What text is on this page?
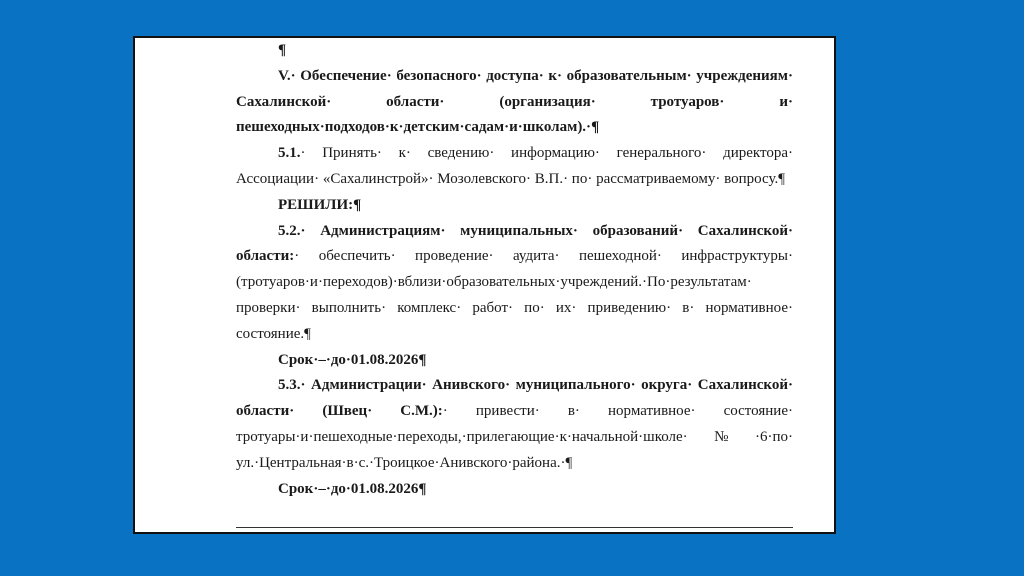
¶

V.· Обеспечение· безопасного· доступа· к· образовательным· учреждениям· Сахалинской· области· (организация· тротуаров· и· пешеходных·подходов·к·детским·садам·и·школам).·¶

5.1.· Принять· к· сведению· информацию· генерального· директора· Ассоциации· «Сахалинстрой»· Мозолевского· В.П.· по· рассматриваемому· вопросу.¶

РЕШИЛИ:¶

5.2.· Администрациям· муниципальных· образований· Сахалинской· области:· обеспечить· проведение· аудита· пешеходной· инфраструктуры· (тротуаров·и·переходов)·вблизи·образовательных·учреждений.·По·результатам· проверки· выполнить· комплекс· работ· по· их· приведению· в· нормативное· состояние.¶

Срок·–·до·01.08.2026¶

5.3.· Администрации· Анивского· муниципального· округа· Сахалинской· области· (Швец· С.М.):· привести· в· нормативное· состояние· тротуары·и·пешеходные·переходы,·прилегающие·к·начальной·школе·№·6·по· ул.·Центральная·в·с.·Троицкое·Анивского·района.·¶

Срок·–·до·01.08.2026¶
